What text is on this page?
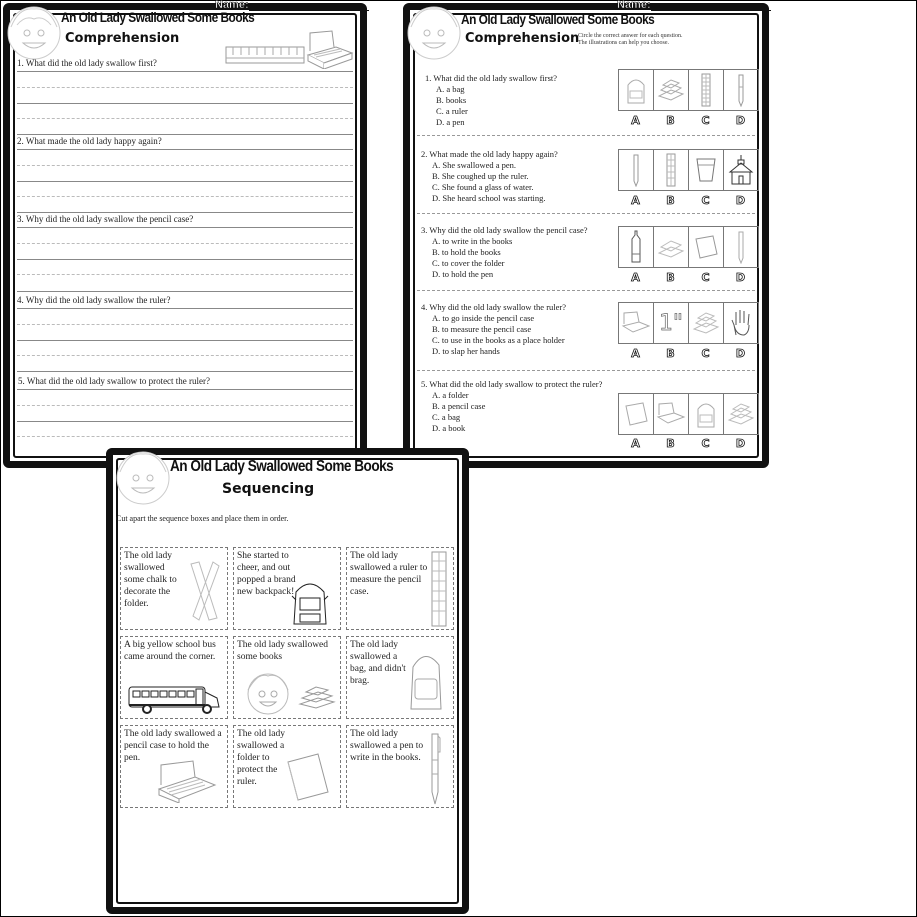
An Old Lady Swallowed Some Books
Comprehension
Name:
1. What did the old lady swallow first?
2. What made the old lady happy again?
3. Why did the old lady swallow the pencil case?
4. Why did the old lady swallow the ruler?
5. What did the old lady swallow to protect the ruler?
An Old Lady Swallowed Some Books
Comprehension
Name:
Circle the correct answer for each question.
The illustrations can help you choose.
1. What did the old lady swallow first?
A. a bag
B. books
C. a ruler
D. a pen	A	B	C	D
2. What made the old lady happy again?
A. She swallowed a pen.
B. She coughed up the ruler.
C. She found a glass of water.
D. She heard school was starting.	A	B	C	D
3. Why did the old lady swallow the pencil case?
A. to write in the books
B. to hold the books
C. to cover the folder
D. to hold the pen	A	B	C	D
4. Why did the old lady swallow the ruler?
A. to go inside the pencil case
B. to measure the pencil case
C. to use in the books as a place holder
D. to slap her hands
1"
A	B	C	D
5. What did the old lady swallow to protect the ruler?
A. a folder
B. a pencil case
C. a bag
D. a book
A	B	C	D
An Old Lady Swallowed Some Books
Sequencing
Cut apart the sequence boxes and place them in order.
The old lady swallowed some chalk to decorate the folder.
She started to cheer, and out popped a brand new backpack!
The old lady swallowed a ruler to measure the pencil case.
A big yellow school bus came around the corner.
The old lady swallowed some books
The old lady swallowed a bag, and didn't brag.
The old lady swallowed a pencil case to hold the pen.
The old lady swallowed a folder to protect the ruler.
The old lady swallowed a pen to write in the books.
